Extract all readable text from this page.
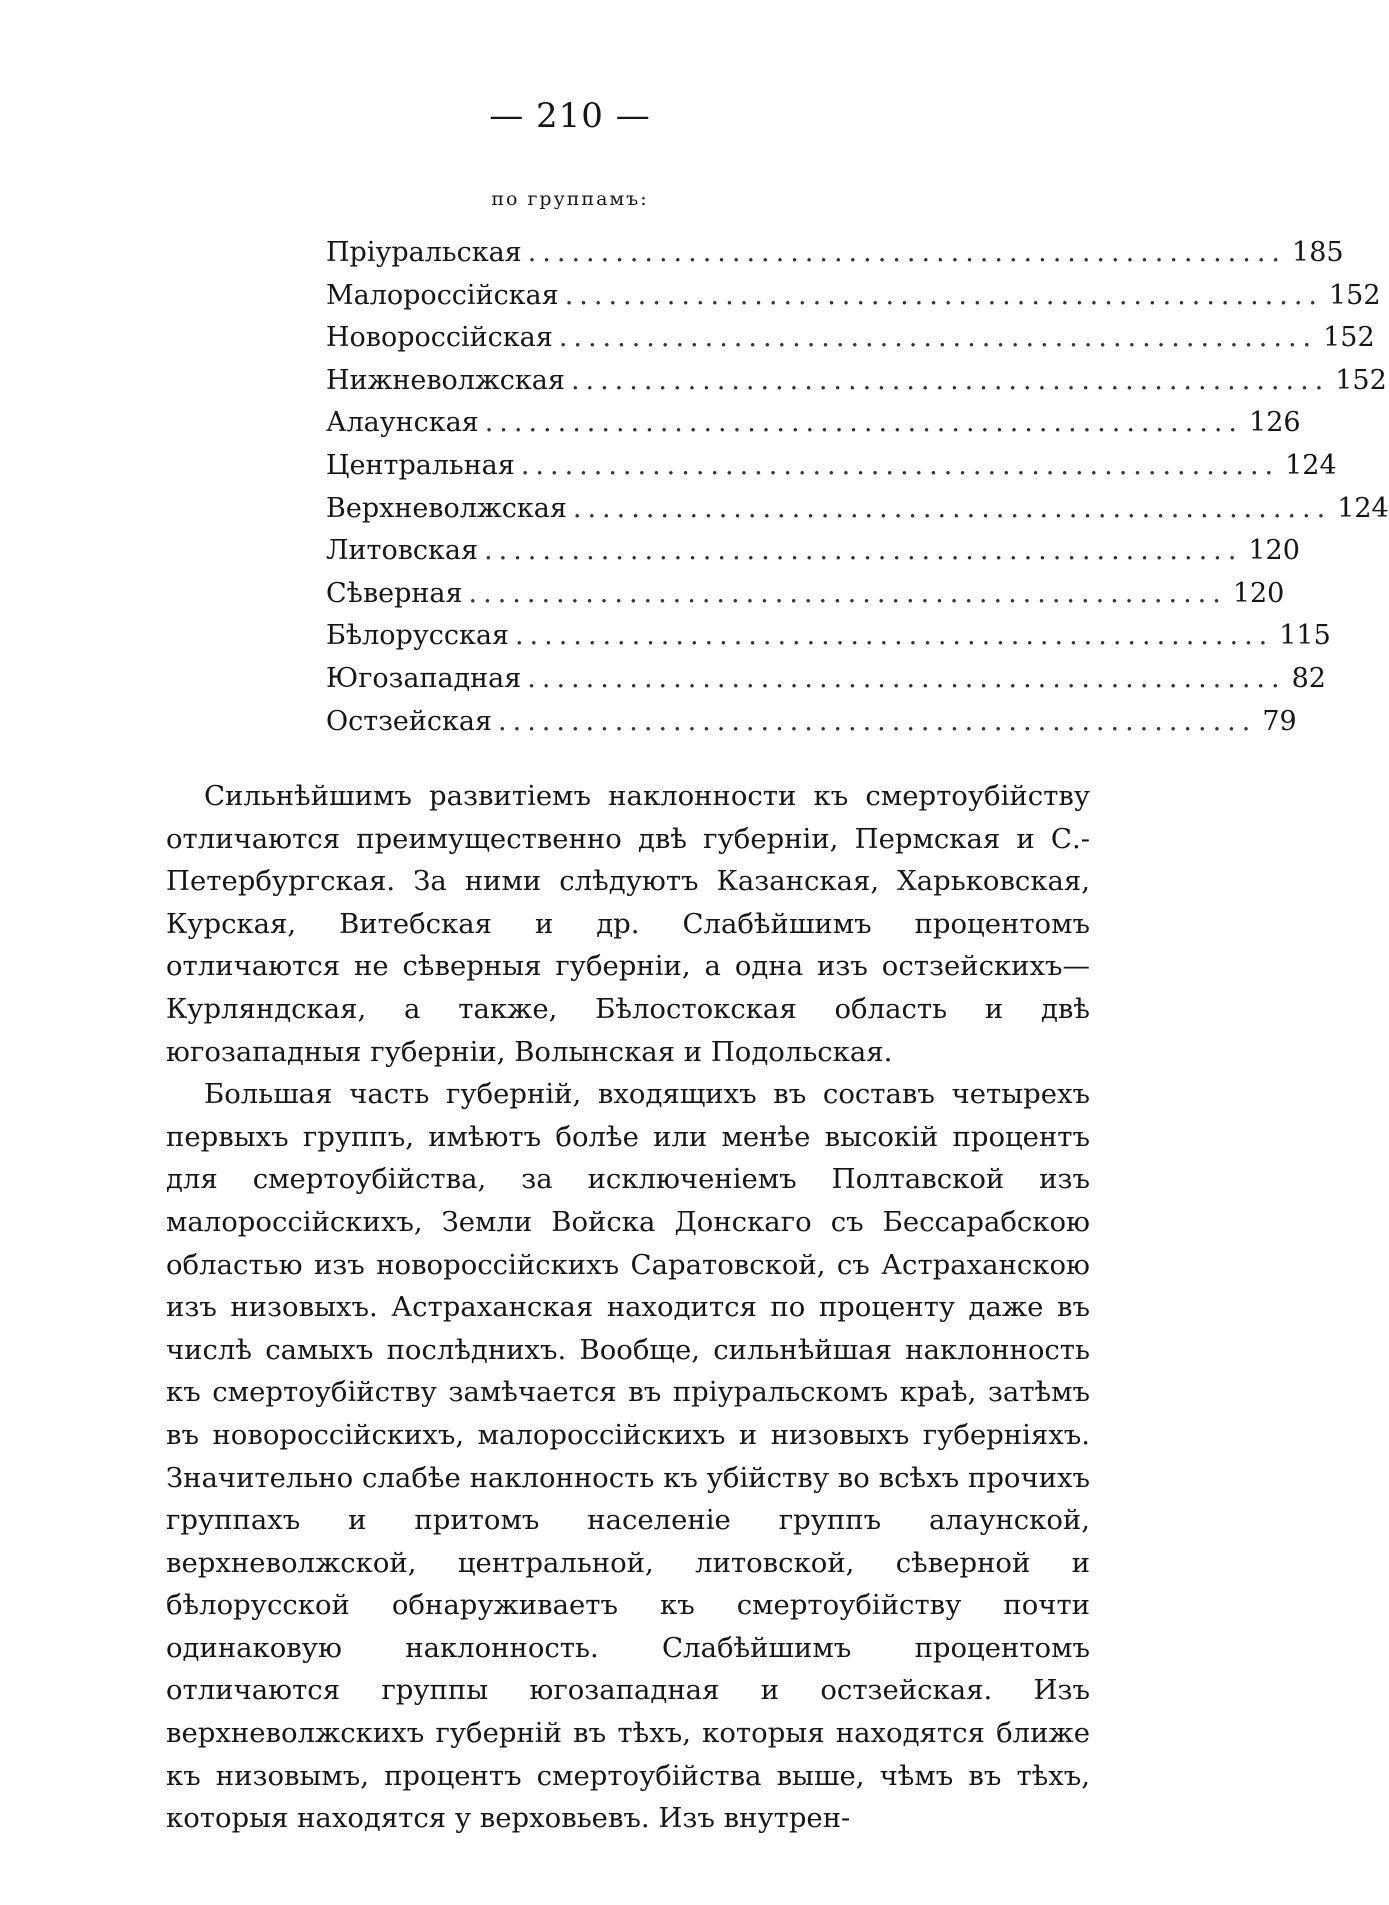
— 210 —
по группамъ:
Пріуральская .................................................... 185
Малороссійская .................................................... 152
Новороссійская .................................................... 152
Нижневолжская .................................................... 152
Алаунская .................................................... 126
Центральная .................................................... 124
Верхневолжская .................................................... 124
Литовская .................................................... 120
Сѣверная .................................................... 120
Бѣлорусская .................................................... 115
Югозападная .................................................... 82
Остзейская .................................................... 79

Сильнѣйшимъ развитіемъ наклонности къ смертоубійству отличаются преимущественно двѣ губерніи, Пермская и С.-Петербургская. За ними слѣдуютъ Казанская, Харьковская, Курская, Витебская и др. Слабѣйшимъ процентомъ отличаются не сѣверныя губерніи, а одна изъ остзейскихъ—Курляндская, а также, Бѣлостокская область и двѣ югозападныя губерніи, Волынская и Подольская.

Большая часть губерній, входящихъ въ составъ четырехъ первыхъ группъ, имѣютъ болѣе или менѣе высокій процентъ для смертоубійства, за исключеніемъ Полтавской изъ малороссійскихъ, Земли Войска Донскаго съ Бессарабскою областью изъ новороссійскихъ Саратовской, съ Астраханскою изъ низовыхъ. Астраханская находится по проценту даже въ числѣ самыхъ послѣднихъ. Вообще, сильнѣйшая наклонность къ смертоубійству замѣчается въ пріуральскомъ краѣ, затѣмъ въ новороссійскихъ, малороссійскихъ и низовыхъ губерніяхъ. Значительно слабѣе наклонность къ убійству во всѣхъ прочихъ группахъ и притомъ населеніе группъ алаунской, верхневолжской, центральной, литовской, сѣверной и бѣлорусской обнаруживаетъ къ смертоубійству почти одинаковую наклонность. Слабѣйшимъ процентомъ отличаются группы югозападная и остзейская. Изъ верхневолжскихъ губерній въ тѣхъ, которыя находятся ближе къ низовымъ, процентъ смертоубійства выше, чѣмъ въ тѣхъ, которыя находятся у верховьевъ. Изъ внутрен-
